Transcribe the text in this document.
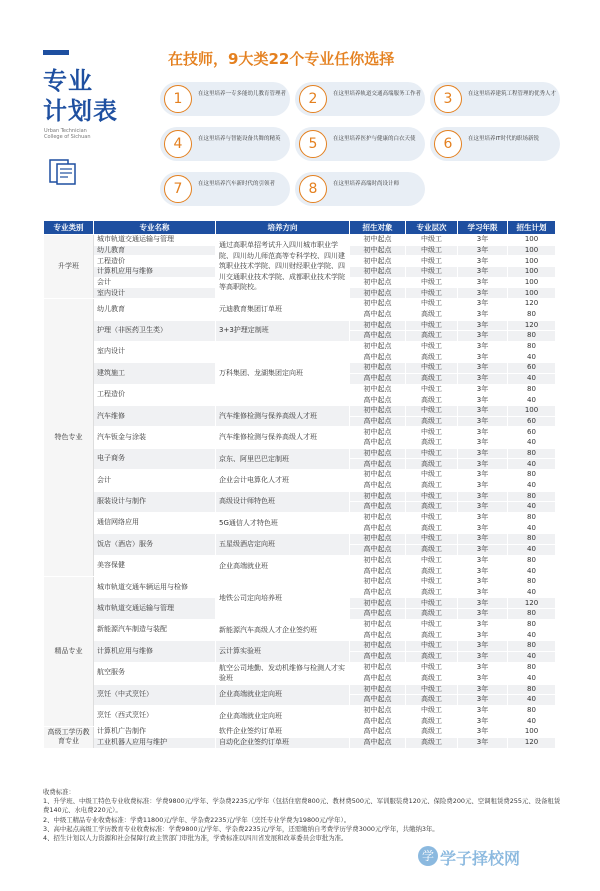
专业
计划表
Urban Technician College of Sichuan
在技师，9大类22个专业任你选择
1	在这里培养一专多能幼儿教育管理者	2	在这里培养轨道交通高端服务工作者	3	在这里培养建筑工程管理的优秀人才
4	在这里培养与智能设备共舞的精英	5	在这里培养医护与健康的白衣天使	6	在这里培养IT时代的职场新锐
7	在这里培养汽车新时代的引领者	8	在这里培养高端时尚设计师
专业类别	专业名称	培养方向	招生对象	专业层次	学习年限	招生计划
升学班	城市轨道交通运输与管理	通过高职单招考试升入四川城市职业学院、四川幼儿师范高等专科学校、四川建筑职业技术学院、四川财经职业学院、四川交通职业技术学院、成都职业技术学院等高职院校。	初中起点	中级工	3年	100
	幼儿教育		初中起点	中级工	3年	100
	工程造价		初中起点	中级工	3年	100
	计算机应用与维修		初中起点	中级工	3年	100
	会计		初中起点	中级工	3年	100
	室内设计		初中起点	中级工	3年	100
特色专业	幼儿教育	元迪教育集团订单班	初中起点	中级工	3年	120
			高中起点	高级工	3年	80
	护理（非医药卫生类）	3+3护理定制班	初中起点	中级工	3年	120
			高中起点	高级工	3年	80
	室内设计	万科集团、龙湖集团定向班	初中起点	中级工	3年	80
			高中起点	高级工	3年	40
	建筑施工		初中起点	中级工	3年	60
			高中起点	高级工	3年	40
	工程造价		初中起点	中级工	3年	80
			高中起点	高级工	3年	40
	汽车维修	汽车维修检测与保养高级人才班	初中起点	中级工	3年	100
			高中起点	高级工	3年	60
	汽车钣金与涂装	汽车维修检测与保养高级人才班	初中起点	中级工	3年	60
			高中起点	高级工	3年	40
	电子商务	京东、阿里巴巴定制班	初中起点	中级工	3年	80
			高中起点	高级工	3年	40
	会计	企业会计电算化人才班	初中起点	中级工	3年	80
			高中起点	高级工	3年	40
	服装设计与制作	高级设计师特色班	初中起点	中级工	3年	80
			高中起点	高级工	3年	40
	通信网络应用	5G通信人才特色班	初中起点	中级工	3年	80
			高中起点	高级工	3年	40
	饭店（酒店）服务	五星级酒店定向班	初中起点	中级工	3年	80
			高中起点	高级工	3年	40
	美容保健	企业高端就业班	初中起点	中级工	3年	80
			高中起点	高级工	3年	40
精品专业	城市轨道交通车辆运用与检修	地铁公司定向培养班	初中起点	中级工	3年	80
			高中起点	高级工	3年	40
	城市轨道交通运输与管理		初中起点	中级工	3年	120
			高中起点	高级工	3年	80
	新能源汽车制造与装配	新能源汽车高级人才企业签约班	初中起点	中级工	3年	80
			高中起点	高级工	3年	40
	计算机应用与维修	云计算实验班	初中起点	中级工	3年	80
			高中起点	高级工	3年	40
	航空服务	航空公司地勤、发动机维修与检测人才实验班	初中起点	中级工	3年	80
			高中起点	高级工	3年	40
	烹饪（中式烹饪）	企业高端就业定向班	初中起点	中级工	3年	80
			高中起点	高级工	3年	40
	烹饪（西式烹饪）	企业高端就业定向班	初中起点	中级工	3年	80
			高中起点	高级工	3年	40
高级工学历教育专业	计算机广告制作	软件企业签约订单班	高中起点	高级工	3年	100
	工业机器人应用与维护	自动化企业签约订单班	高中起点	高级工	3年	120
收费标准：
1、升学班、中级工特色专业收费标准：学费9800元/学年、学杂费2235元/学年（包括住宿费800元、教材费500元、军训服装费120元、保险费200元、空调租赁费255元、设备租赁费140元、水电费220元）。
2、中级工精品专业收费标准：学费11800元/学年、学杂费2235元/学年（烹饪专业学费为19800元/学年）。
3、高中起点高级工学历教育专业收费标准：学费9800元/学年、学杂费2235元/学年，还需缴纳自考费学历学费3000元/学年，共缴纳3年。
4、招生计划以人力资源和社会保障行政主管部门审批为准，学费标准以四川省发展和改革委员会审批为准。
学 学子择校网
